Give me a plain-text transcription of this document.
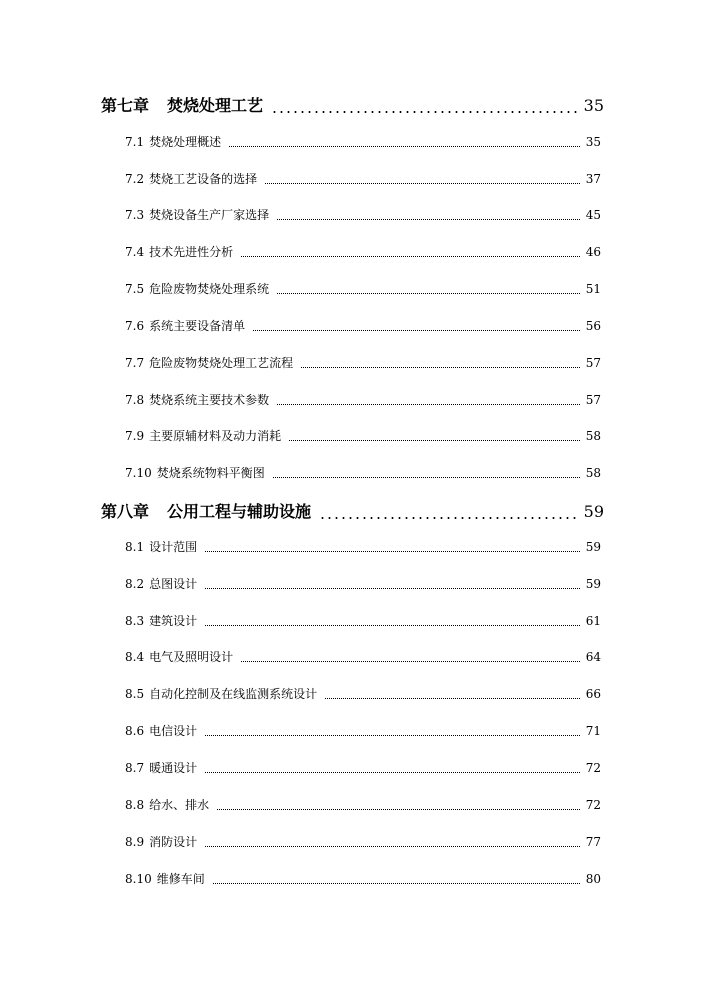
第七章 焚烧处理工艺	35
7.1 焚烧处理概述	35
7.2 焚烧工艺设备的选择	37
7.3 焚烧设备生产厂家选择	45
7.4 技术先进性分析	46
7.5 危险废物焚烧处理系统	51
7.6 系统主要设备清单	56
7.7 危险废物焚烧处理工艺流程	57
7.8 焚烧系统主要技术参数	57
7.9 主要原辅材料及动力消耗	58
7.10 焚烧系统物料平衡图	58
第八章 公用工程与辅助设施	59
8.1 设计范围	59
8.2 总图设计	59
8.3 建筑设计	61
8.4 电气及照明设计	64
8.5 自动化控制及在线监测系统设计	66
8.6 电信设计	71
8.7 暖通设计	72
8.8 给水、排水	72
8.9 消防设计	77
8.10 维修车间	80
